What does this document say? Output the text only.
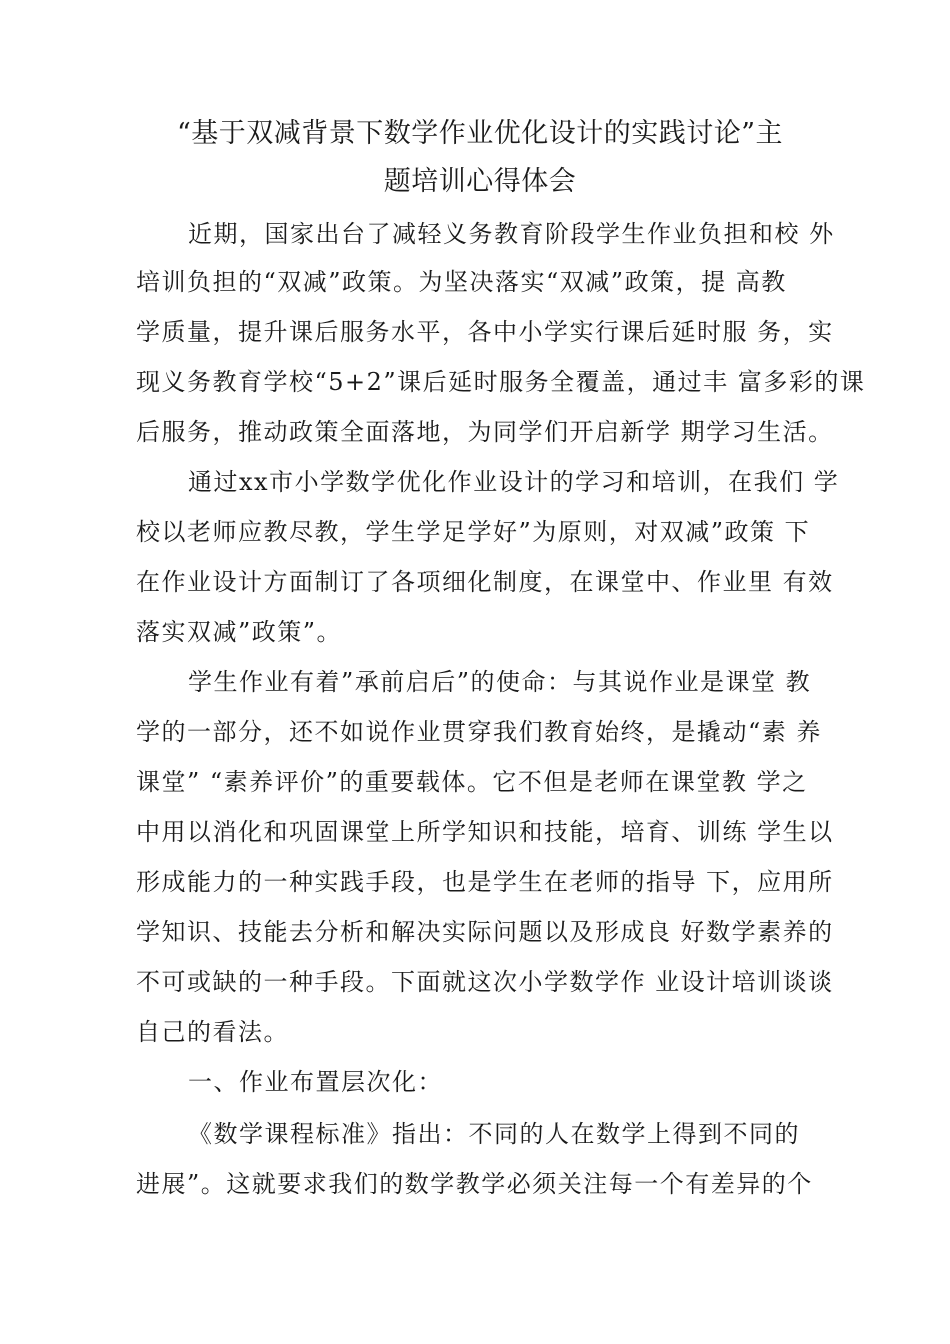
“基于双减背景下数学作业优化设计的实践讨论”主
题培训心得体会
近期，国家出台了减轻义务教育阶段学生作业负担和校 外
培训负担的“双减”政策。为坚决落实“双减”政策，提 高教
学质量，提升课后服务水平，各中小学实行课后延时服 务，实
现义务教育学校“5+2”课后延时服务全覆盖，通过丰 富多彩的课
后服务，推动政策全面落地，为同学们开启新学 期学习生活。
通过xx市小学数学优化作业设计的学习和培训，在我们 学
校以老师应教尽教，学生学足学好”为原则，对双减”政策 下
在作业设计方面制订了各项细化制度，在课堂中、作业里 有效
落实双减”政策”。
学生作业有着”承前启后”的使命：与其说作业是课堂 教
学的一部分，还不如说作业贯穿我们教育始终，是撬动“素 养
课堂” “素养评价”的重要载体。它不但是老师在课堂教 学之
中用以消化和巩固课堂上所学知识和技能，培育、训练 学生以
形成能力的一种实践手段，也是学生在老师的指导 下，应用所
学知识、技能去分析和解决实际问题以及形成良 好数学素养的
不可或缺的一种手段。下面就这次小学数学作 业设计培训谈谈
自己的看法。
一、作业布置层次化：
《数学课程标准》指出：不同的人在数学上得到不同的
进展”。这就要求我们的数学教学必须关注每一个有差异的个
